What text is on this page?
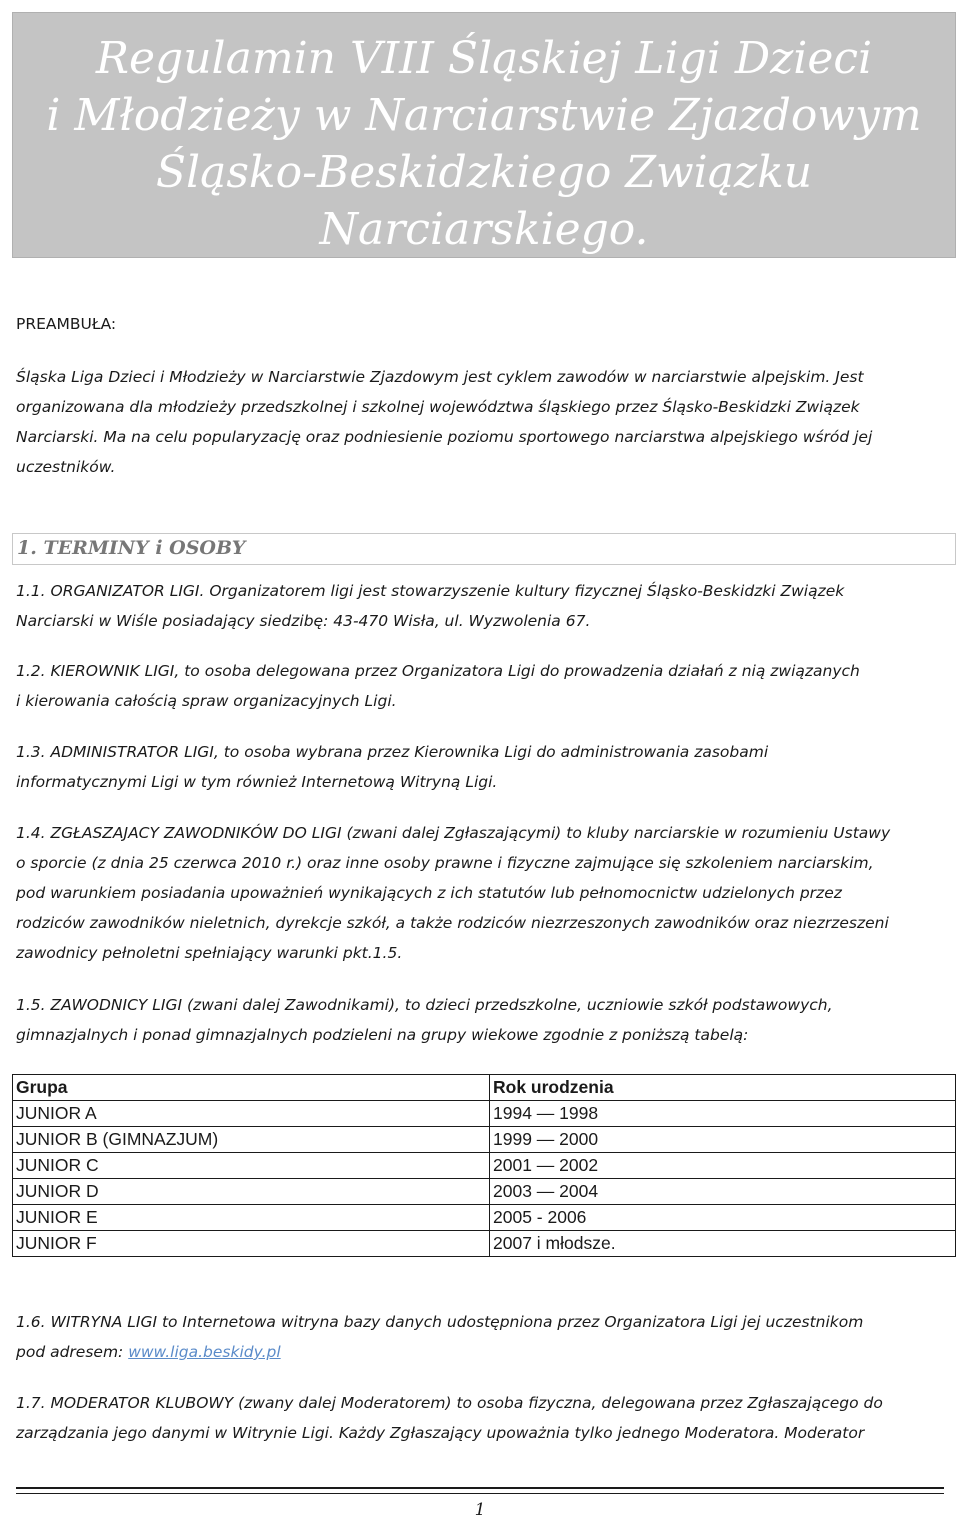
Regulamin VIII Śląskiej Ligi Dzieci
i Młodzieży w Narciarstwie Zjazdowym
Śląsko-Beskidzkiego Związku
Narciarskiego.
PREAMBUŁA:
Śląska Liga Dzieci i Młodzieży w Narciarstwie Zjazdowym jest cyklem zawodów w narciarstwie alpejskim. Jest
organizowana dla młodzieży przedszkolnej i szkolnej województwa śląskiego przez Śląsko-Beskidzki Związek
Narciarski. Ma na celu popularyzację oraz podniesienie poziomu sportowego narciarstwa alpejskiego wśród jej
uczestników.
1. TERMINY i OSOBY
1.1. ORGANIZATOR LIGI. Organizatorem ligi jest stowarzyszenie kultury fizycznej Śląsko-Beskidzki Związek
Narciarski w Wiśle posiadający siedzibę: 43-470 Wisła, ul. Wyzwolenia 67.
1.2. KIEROWNIK LIGI, to osoba delegowana przez Organizatora Ligi do prowadzenia działań z nią związanych
i kierowania całością spraw organizacyjnych Ligi.
1.3. ADMINISTRATOR LIGI, to osoba wybrana przez Kierownika Ligi do administrowania zasobami
informatycznymi Ligi w tym również Internetową Witryną Ligi.
1.4. ZGŁASZAJACY ZAWODNIKÓW DO LIGI (zwani dalej Zgłaszającymi) to kluby narciarskie w rozumieniu Ustawy
o sporcie (z dnia 25 czerwca 2010 r.) oraz inne osoby prawne i fizyczne zajmujące się szkoleniem narciarskim,
pod warunkiem posiadania upoważnień wynikających z ich statutów lub pełnomocnictw udzielonych przez
rodziców zawodników nieletnich, dyrekcje szkół, a także rodziców niezrzeszonych zawodników oraz niezrzeszeni
zawodnicy pełnoletni spełniający warunki pkt.1.5.
1.5. ZAWODNICY LIGI (zwani dalej Zawodnikami), to dzieci przedszkolne, uczniowie szkół podstawowych,
gimnazjalnych i ponad gimnazjalnych podzieleni na grupy wiekowe zgodnie z poniższą tabelą:
Grupa	Rok urodzenia
JUNIOR A	1994 — 1998
JUNIOR B (GIMNAZJUM)	1999 — 2000
JUNIOR C	2001 — 2002
JUNIOR D	2003 — 2004
JUNIOR E	2005 - 2006
JUNIOR F	2007 i młodsze.
1.6. WITRYNA LIGI to Internetowa witryna bazy danych udostępniona przez Organizatora Ligi jej uczestnikom
pod adresem: www.liga.beskidy.pl
1.7. MODERATOR KLUBOWY (zwany dalej Moderatorem) to osoba fizyczna, delegowana przez Zgłaszającego do
zarządzania jego danymi w Witrynie Ligi. Każdy Zgłaszający upoważnia tylko jednego Moderatora. Moderator
1
